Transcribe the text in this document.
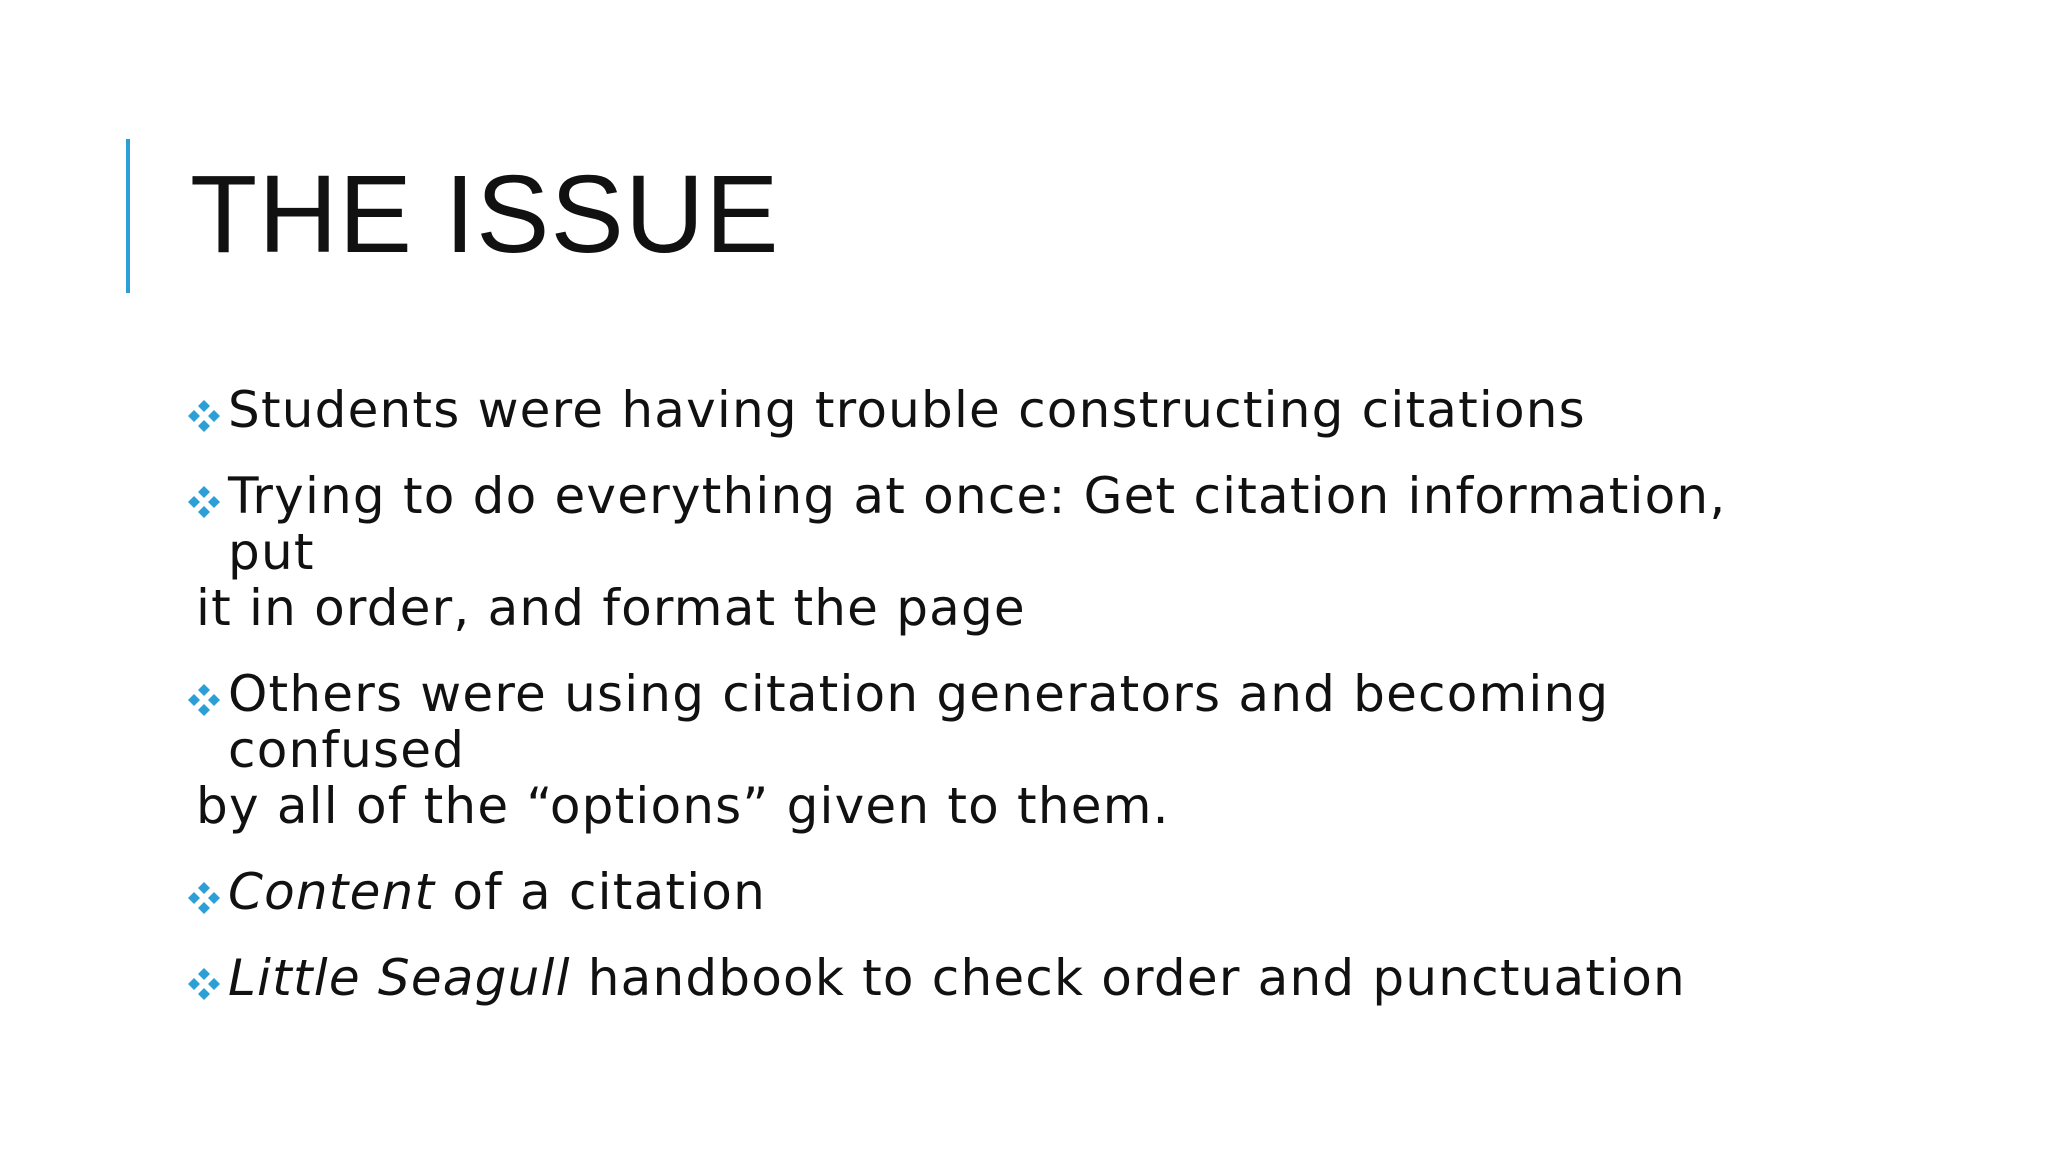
THE ISSUE
Students were having trouble constructing citations
Trying to do everything at once: Get citation information, put
it in order, and format the page
Others were using citation generators and becoming confused
by all of the “options” given to them.
Content of a citation
Little Seagull handbook to check order and punctuation
